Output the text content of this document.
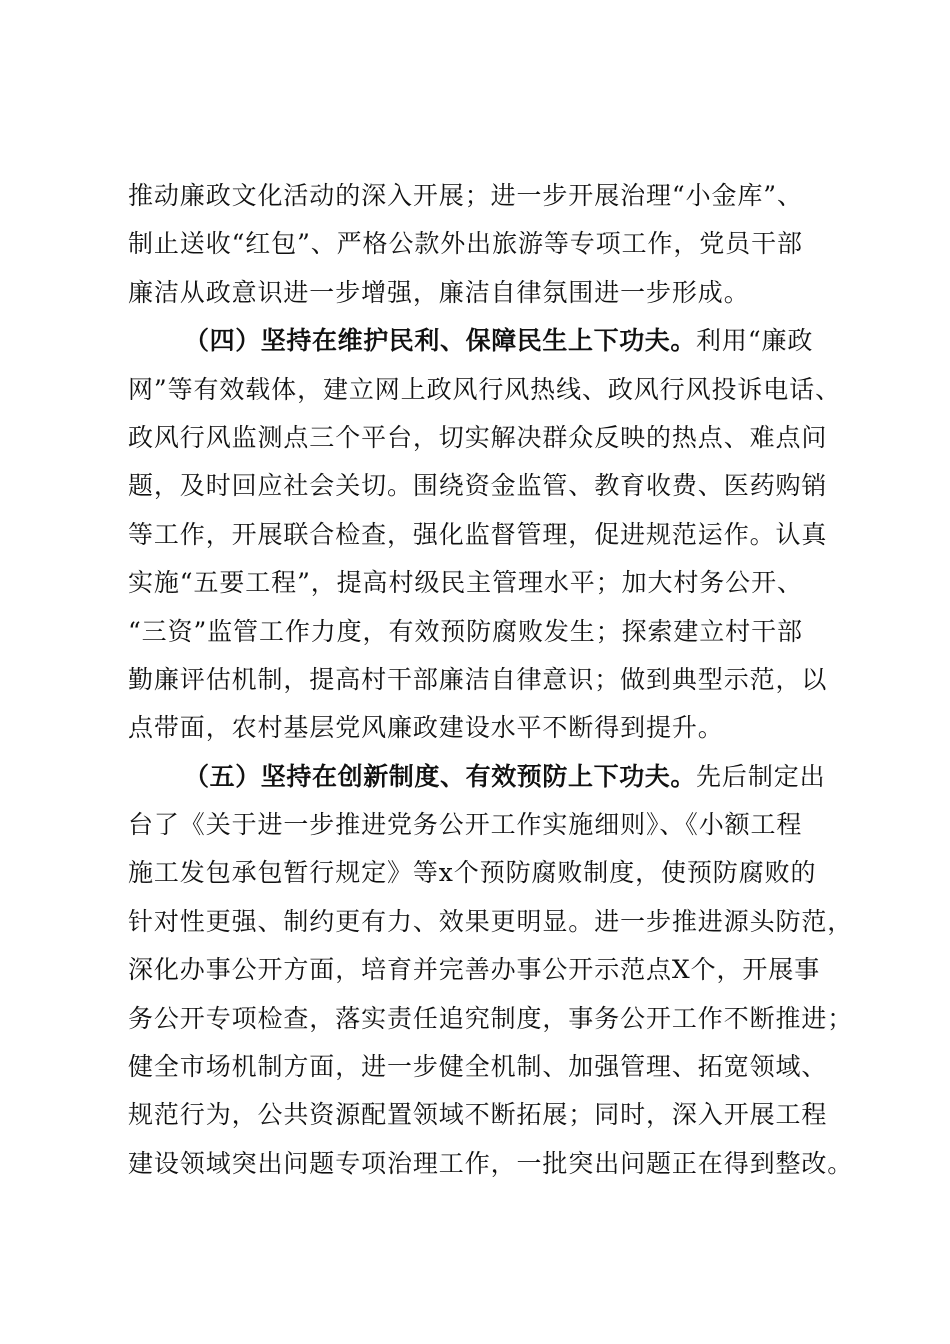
推动廉政文化活动的深入开展；进一步开展治理“小金库”、
制止送收“红包”、严格公款外出旅游等专项工作，党员干部
廉洁从政意识进一步增强，廉洁自律氛围进一步形成。
（四）坚持在维护民利、保障民生上下功夫。利用“廉政
网”等有效载体，建立网上政风行风热线、政风行风投诉电话、
政风行风监测点三个平台，切实解决群众反映的热点、难点问
题，及时回应社会关切。围绕资金监管、教育收费、医药购销
等工作，开展联合检查，强化监督管理，促进规范运作。认真
实施“五要工程”，提高村级民主管理水平；加大村务公开、
“三资”监管工作力度，有效预防腐败发生；探索建立村干部
勤廉评估机制，提高村干部廉洁自律意识；做到典型示范，以
点带面，农村基层党风廉政建设水平不断得到提升。
（五）坚持在创新制度、有效预防上下功夫。先后制定出
台了《关于进一步推进党务公开工作实施细则》、《小额工程
施工发包承包暂行规定》等x个预防腐败制度，使预防腐败的
针对性更强、制约更有力、效果更明显。进一步推进源头防范，
深化办事公开方面，培育并完善办事公开示范点X个，开展事
务公开专项检查，落实责任追究制度，事务公开工作不断推进；
健全市场机制方面，进一步健全机制、加强管理、拓宽领域、
规范行为，公共资源配置领域不断拓展；同时，深入开展工程
建设领域突出问题专项治理工作，一批突出问题正在得到整改。
